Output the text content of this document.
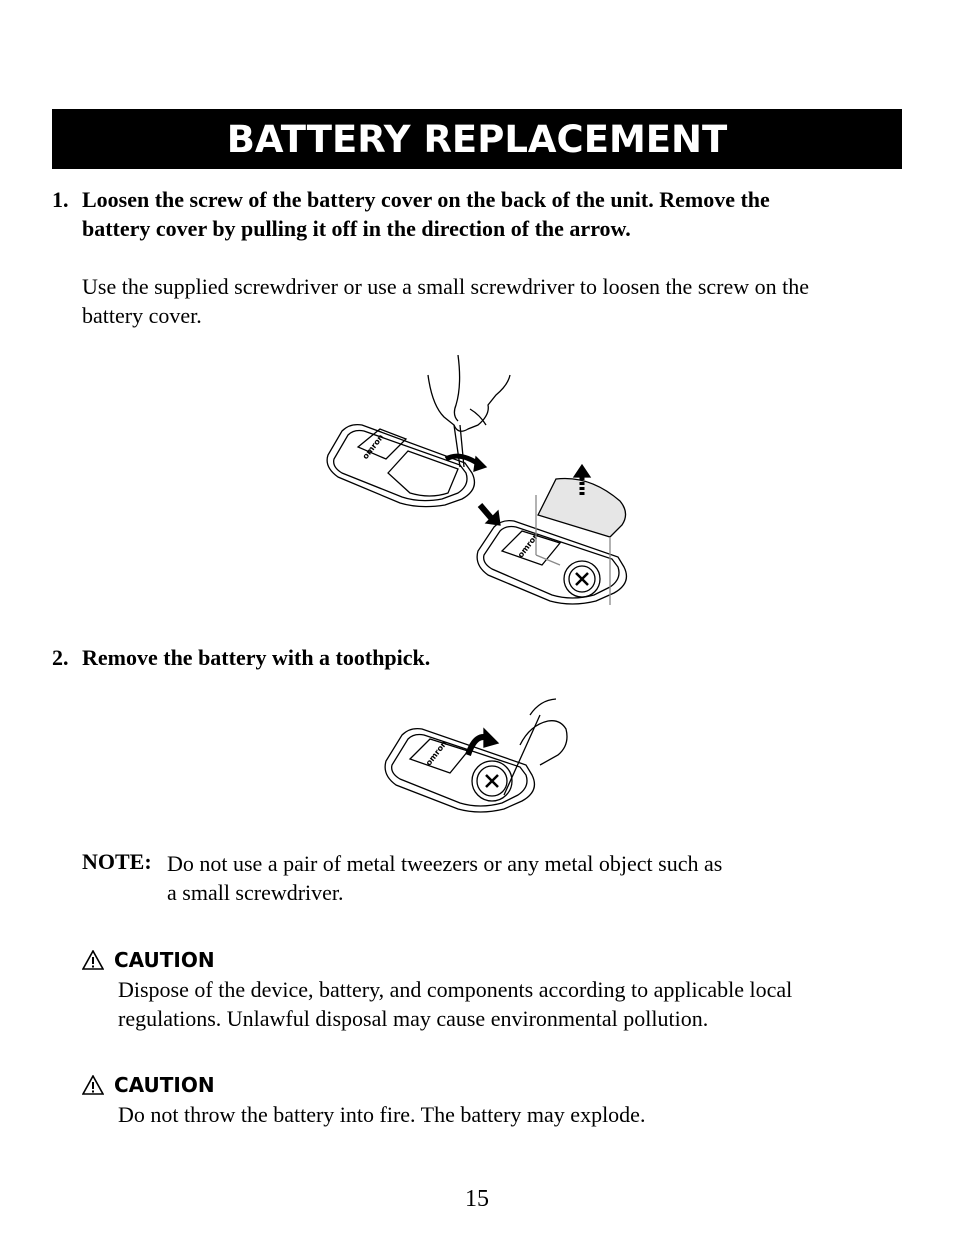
BATTERY REPLACEMENT
1. Loosen the screw of the battery cover on the back of the unit. Remove the
battery cover by pulling it off in the direction of the arrow.
Use the supplied screwdriver or use a small screwdriver to loosen the screw on the
battery cover.
omron
omron
2. Remove the battery with a toothpick.
omron
NOTE: Do not use a pair of metal tweezers or any metal object such as
a small screwdriver.
CAUTION
Dispose of the device, battery, and components according to applicable local
regulations. Unlawful disposal may cause environmental pollution.
CAUTION
Do not throw the battery into fire. The battery may explode.
15
